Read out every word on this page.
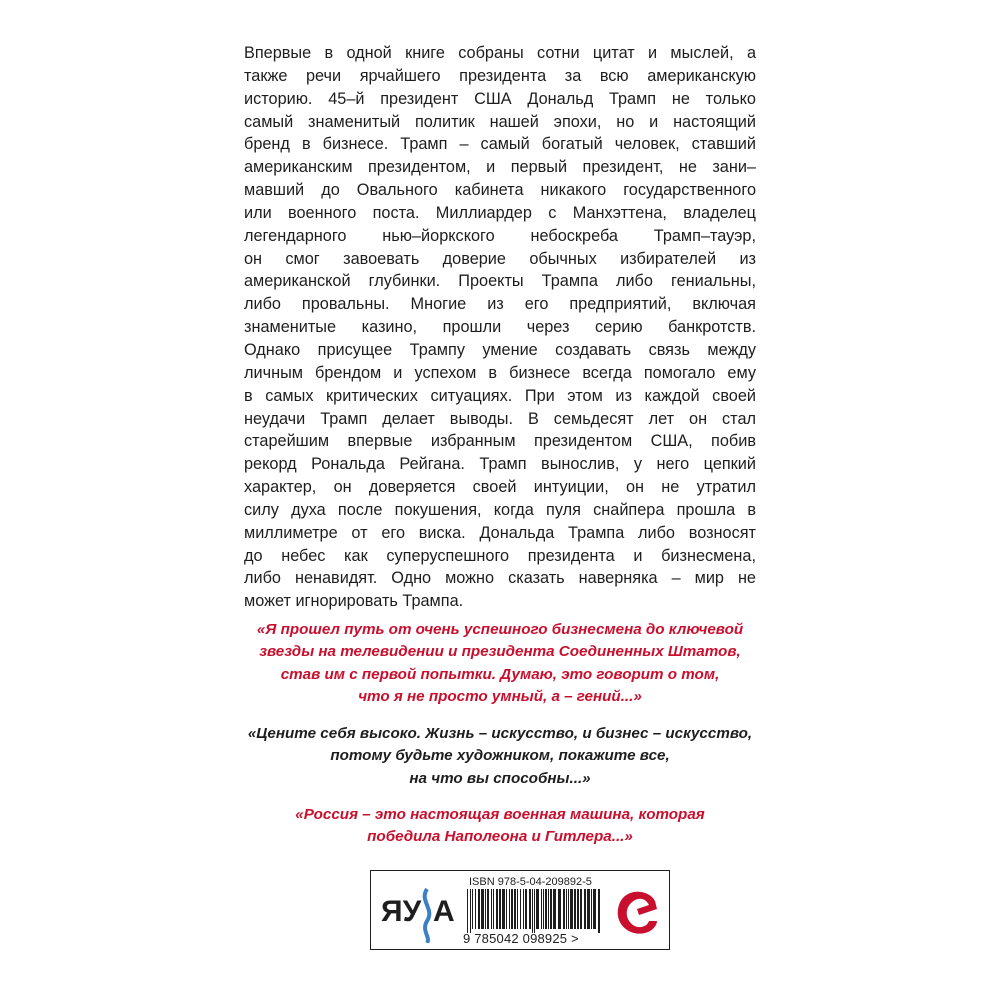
Впервые в одной книге собраны сотни цитат и мыслей, а
также речи ярчайшего президента за всю американскую
историю. 45–й президент США Дональд Трамп не только
самый знаменитый политик нашей эпохи, но и настоящий
бренд в бизнесе. Трамп – самый богатый человек, ставший
американским президентом, и первый президент, не зани–
мавший до Овального кабинета никакого государственного
или военного поста. Миллиардер с Манхэттена, владелец
легендарного нью–йоркского небоскреба Трамп–тауэр,
он смог завоевать доверие обычных избирателей из
американской глубинки. Проекты Трампа либо гениальны,
либо провальны. Многие из его предприятий, включая
знаменитые казино, прошли через серию банкротств.
Однако присущее Трампу умение создавать связь между
личным брендом и успехом в бизнесе всегда помогало ему
в самых критических ситуациях. При этом из каждой своей
неудачи Трамп делает выводы. В семьдесят лет он стал
старейшим впервые избранным президентом США, побив
рекорд Рональда Рейгана. Трамп вынослив, у него цепкий
характер, он доверяется своей интуиции, он не утратил
силу духа после покушения, когда пуля снайпера прошла в
миллиметре от его виска. Дональда Трампа либо возносят
до небес как суперуспешного президента и бизнесмена,
либо ненавидят. Одно можно сказать наверняка – мир не
может игнорировать Трампа.
«Я прошел путь от очень успешного бизнесмена до ключевой
звезды на телевидении и президента Соединенных Штатов,
став им с первой попытки. Думаю, это говорит о том,
что я не просто умный, а – гений...»
«Цените себя высоко. Жизнь – искусство, и бизнес – искусство,
потому будьте художником, покажите все,
на что вы способны...»
«Россия – это настоящая военная машина, которая
победила Наполеона и Гитлера...»
ЯУ А
ISBN 978-5-04-209892-5
9 785042 098925 >
